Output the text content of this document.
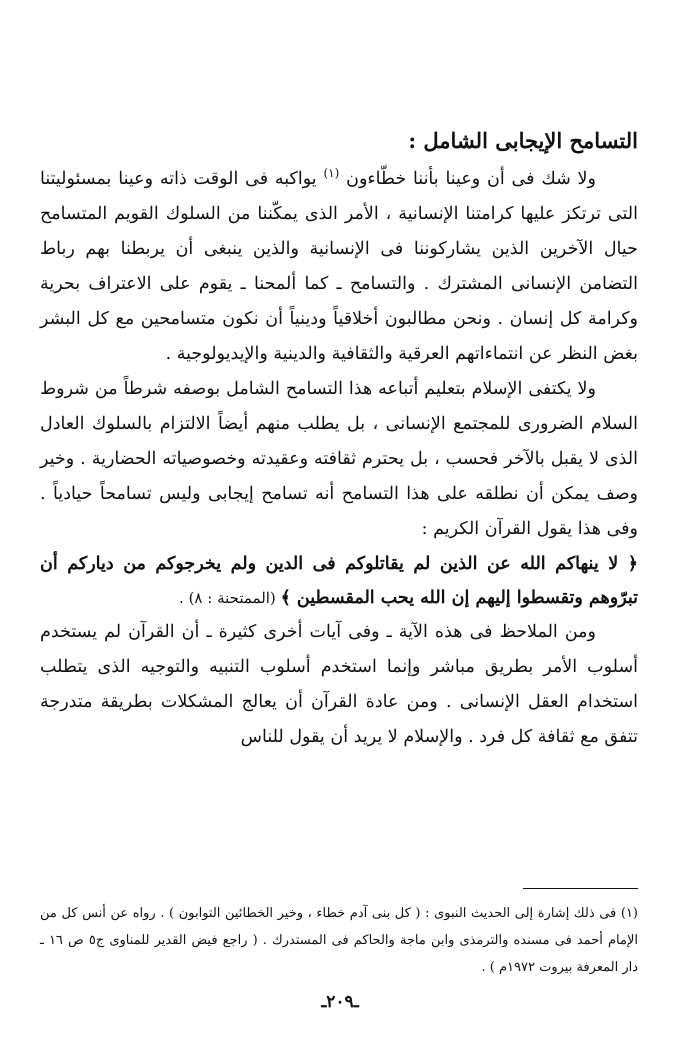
التسامح الإيجابى الشامل :

ولا شك فى أن وعينا بأننا خطّاءون $^{(١)}$ يواكبه فى الوقت ذاته وعينا بمسئوليتنا التى ترتكز عليها كرامتنا الإنسانية ، الأمر الذى يمكّننا من السلوك القويم المتسامح حيال الآخرين الذين يشاركوننا فى الإنسانية والذين ينبغى أن يربطنا بهم رباط التضامن الإنسانى المشترك . والتسامح ـ كما ألمحنا ـ يقوم على الاعتراف بحرية وكرامة كل إنسان . ونحن مطالبون أخلاقياً ودينياً أن نكون متسامحين مع كل البشر بغض النظر عن انتماءاتهم العرقية والثقافية والدينية والإيديولوجية .

ولا يكتفى الإسلام بتعليم أتباعه هذا التسامح الشامل بوصفه شرطاً من شروط السلام الضرورى للمجتمع الإنسانى ، بل يطلب منهم أيضاً الالتزام بالسلوك العادل الذى لا يقبل بالآخر فحسب ، بل يحترم ثقافته وعقيدته وخصوصياته الحضارية . وخير وصف يمكن أن نطلقه على هذا التسامح أنه تسامح إيجابى وليس تسامحاً حيادياً . وفى هذا يقول القرآن الكريم :

﴿ لا ينهاكم الله عن الذين لم يقاتلوكم فى الدين ولم يخرجوكم من دياركم أن تبرّوهم وتقسطوا إليهم إن الله يحب المقسطين ﴾ (الممتحنة : ٨) .

ومن الملاحظ فى هذه الآية ـ وفى آيات أخرى كثيرة ـ أن القرآن لم يستخدم أسلوب الأمر بطريق مباشر وإنما استخدم أسلوب التنبيه والتوجيه الذى يتطلب استخدام العقل الإنسانى . ومن عادة القرآن أن يعالج المشكلات بطريقة متدرجة تتفق مع ثقافة كل فرد . والإسلام لا يريد أن يقول للناس

(١) فى ذلك إشارة إلى الحديث النبوى : ( كل بنى آدم خطاء ، وخير الخطائين التوابون ) . رواه عن أنس كل من الإمام أحمد فى مسنده والترمذى وابن ماجة والحاكم فى المستدرك . ( راجع فيض القدير للمناوى ج٥ ص ١٦ ـ دار المعرفة بيروت ١٩٧٢م ) .

ـ٢٠٩ـ
